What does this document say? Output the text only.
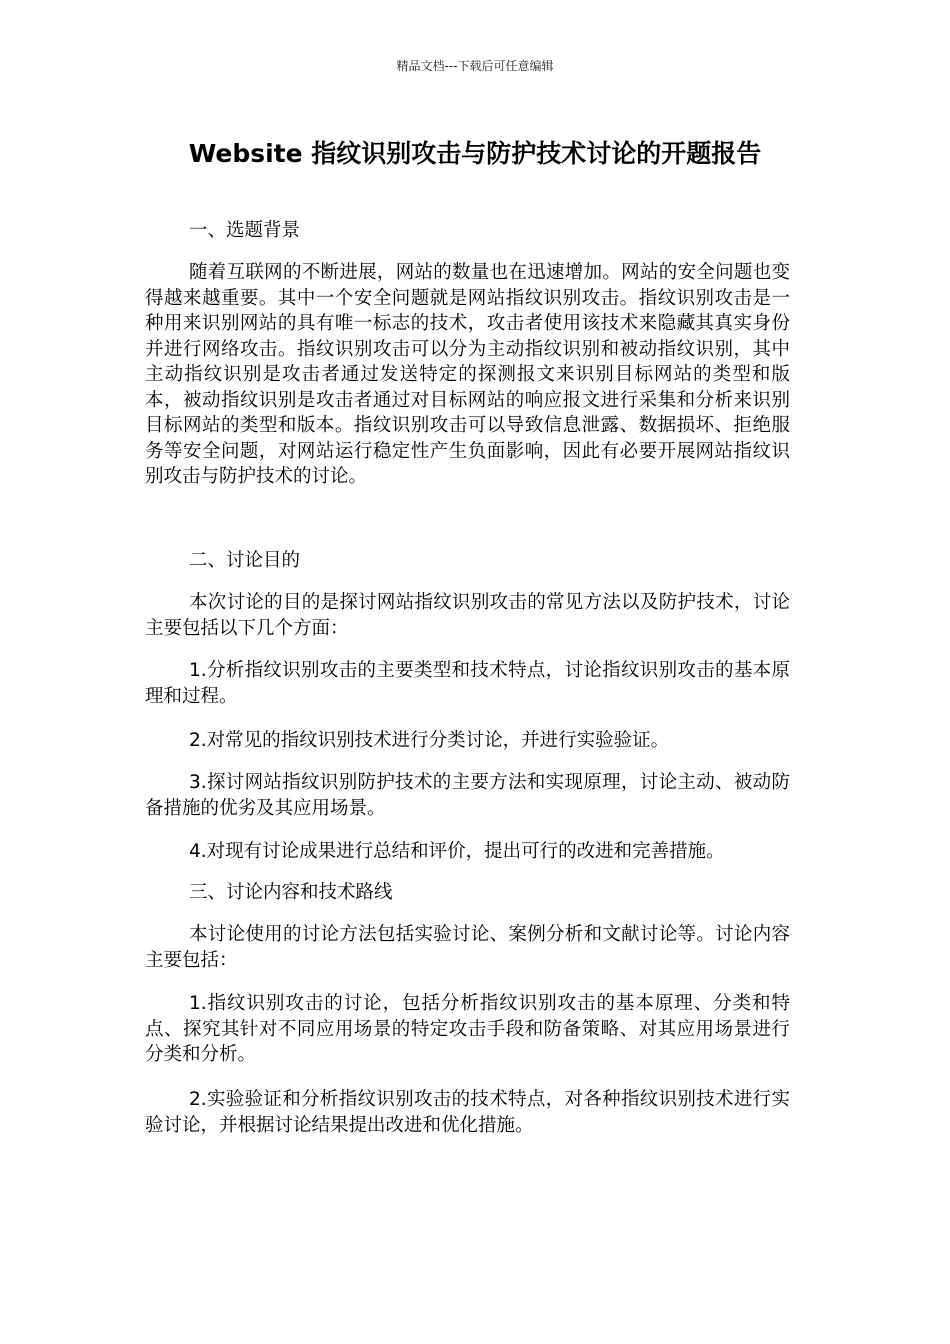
精品文档---下载后可任意编辑
Website 指纹识别攻击与防护技术讨论的开题报告

一、选题背景

随着互联网的不断进展，网站的数量也在迅速增加。网站的安全问题也变得越来越重要。其中一个安全问题就是网站指纹识别攻击。指纹识别攻击是一种用来识别网站的具有唯一标志的技术，攻击者使用该技术来隐藏其真实身份并进行网络攻击。指纹识别攻击可以分为主动指纹识别和被动指纹识别，其中主动指纹识别是攻击者通过发送特定的探测报文来识别目标网站的类型和版本，被动指纹识别是攻击者通过对目标网站的响应报文进行采集和分析来识别目标网站的类型和版本。指纹识别攻击可以导致信息泄露、数据损坏、拒绝服务等安全问题，对网站运行稳定性产生负面影响，因此有必要开展网站指纹识别攻击与防护技术的讨论。

二、讨论目的

本次讨论的目的是探讨网站指纹识别攻击的常见方法以及防护技术，讨论主要包括以下几个方面：

1.分析指纹识别攻击的主要类型和技术特点，讨论指纹识别攻击的基本原理和过程。

2.对常见的指纹识别技术进行分类讨论，并进行实验验证。

3.探讨网站指纹识别防护技术的主要方法和实现原理，讨论主动、被动防备措施的优劣及其应用场景。

4.对现有讨论成果进行总结和评价，提出可行的改进和完善措施。

三、讨论内容和技术路线

本讨论使用的讨论方法包括实验讨论、案例分析和文献讨论等。讨论内容主要包括：

1.指纹识别攻击的讨论，包括分析指纹识别攻击的基本原理、分类和特点、探究其针对不同应用场景的特定攻击手段和防备策略、对其应用场景进行分类和分析。

2.实验验证和分析指纹识别攻击的技术特点，对各种指纹识别技术进行实验讨论，并根据讨论结果提出改进和优化措施。
